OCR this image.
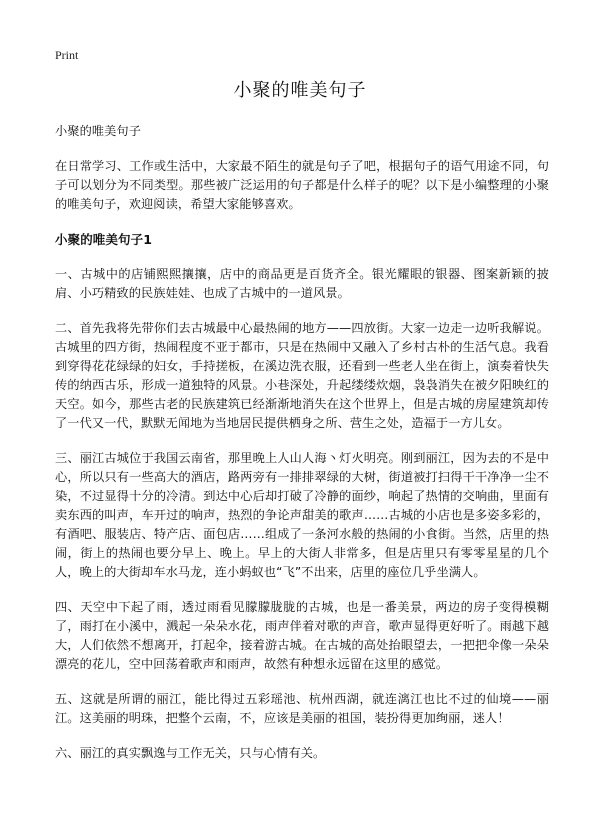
Print
小聚的唯美句子

小聚的唯美句子

在日常学习、工作或生活中，大家最不陌生的就是句子了吧，根据句子的语气用途不同，句子可以划分为不同类型。那些被广泛运用的句子都是什么样子的呢？以下是小编整理的小聚的唯美句子，欢迎阅读，希望大家能够喜欢。

小聚的唯美句子1

一、古城中的店铺熙熙攘攘，店中的商品更是百货齐全。银光耀眼的银器、图案新颖的披肩、小巧精致的民族娃娃、也成了古城中的一道风景。

二、首先我将先带你们去古城最中心最热闹的地方——四放街。大家一边走一边听我解说。古城里的四方街，热闹程度不亚于都市，只是在热闹中又融入了乡村古朴的生活气息。我看到穿得花花绿绿的妇女，手持搓板，在溪边洗衣服，还看到一些老人坐在街上，演奏着快失传的纳西古乐，形成一道独特的风景。小巷深处，升起缕缕炊烟，袅袅消失在被夕阳映红的天空。如今，那些古老的民族建筑已经渐渐地消失在这个世界上，但是古城的房屋建筑却传了一代又一代，默默无闻地为当地居民提供栖身之所、营生之处，造福于一方儿女。

三、丽江古城位于我国云南省，那里晚上人山人海丶灯火明亮。刚到丽江，因为去的不是中心，所以只有一些高大的酒店，路两旁有一排排翠绿的大树，街道被打扫得干干净净一尘不染，不过显得十分的冷清。到达中心后却打破了冷静的面纱，响起了热情的交响曲，里面有卖东西的叫声，车开过的响声，热烈的争论声甜美的歌声……古城的小店也是多姿多彩的，有酒吧、服装店、特产店、面包店……组成了一条河水般的热闹的小食街。当然，店里的热闹，街上的热闹也要分早上、晚上。早上的大街人非常多，但是店里只有零零星星的几个人，晚上的大街却车水马龙，连小蚂蚁也“飞”不出来，店里的座位几乎坐满人。

四、天空中下起了雨，透过雨看见朦朦胧胧的古城，也是一番美景，两边的房子变得模糊了，雨打在小溪中，溅起一朵朵水花，雨声伴着对歌的声音，歌声显得更好听了。雨越下越大，人们依然不想离开，打起伞，接着游古城。在古城的高处抬眼望去，一把把伞像一朵朵漂亮的花儿，空中回荡着歌声和雨声，故然有种想永远留在这里的感觉。

五、这就是所谓的丽江，能比得过五彩瑶池、杭州西湖，就连漓江也比不过的仙境——丽江。这美丽的明珠，把整个云南，不，应该是美丽的祖国，装扮得更加绚丽，迷人！

六、丽江的真实飘逸与工作无关，只与心情有关。
